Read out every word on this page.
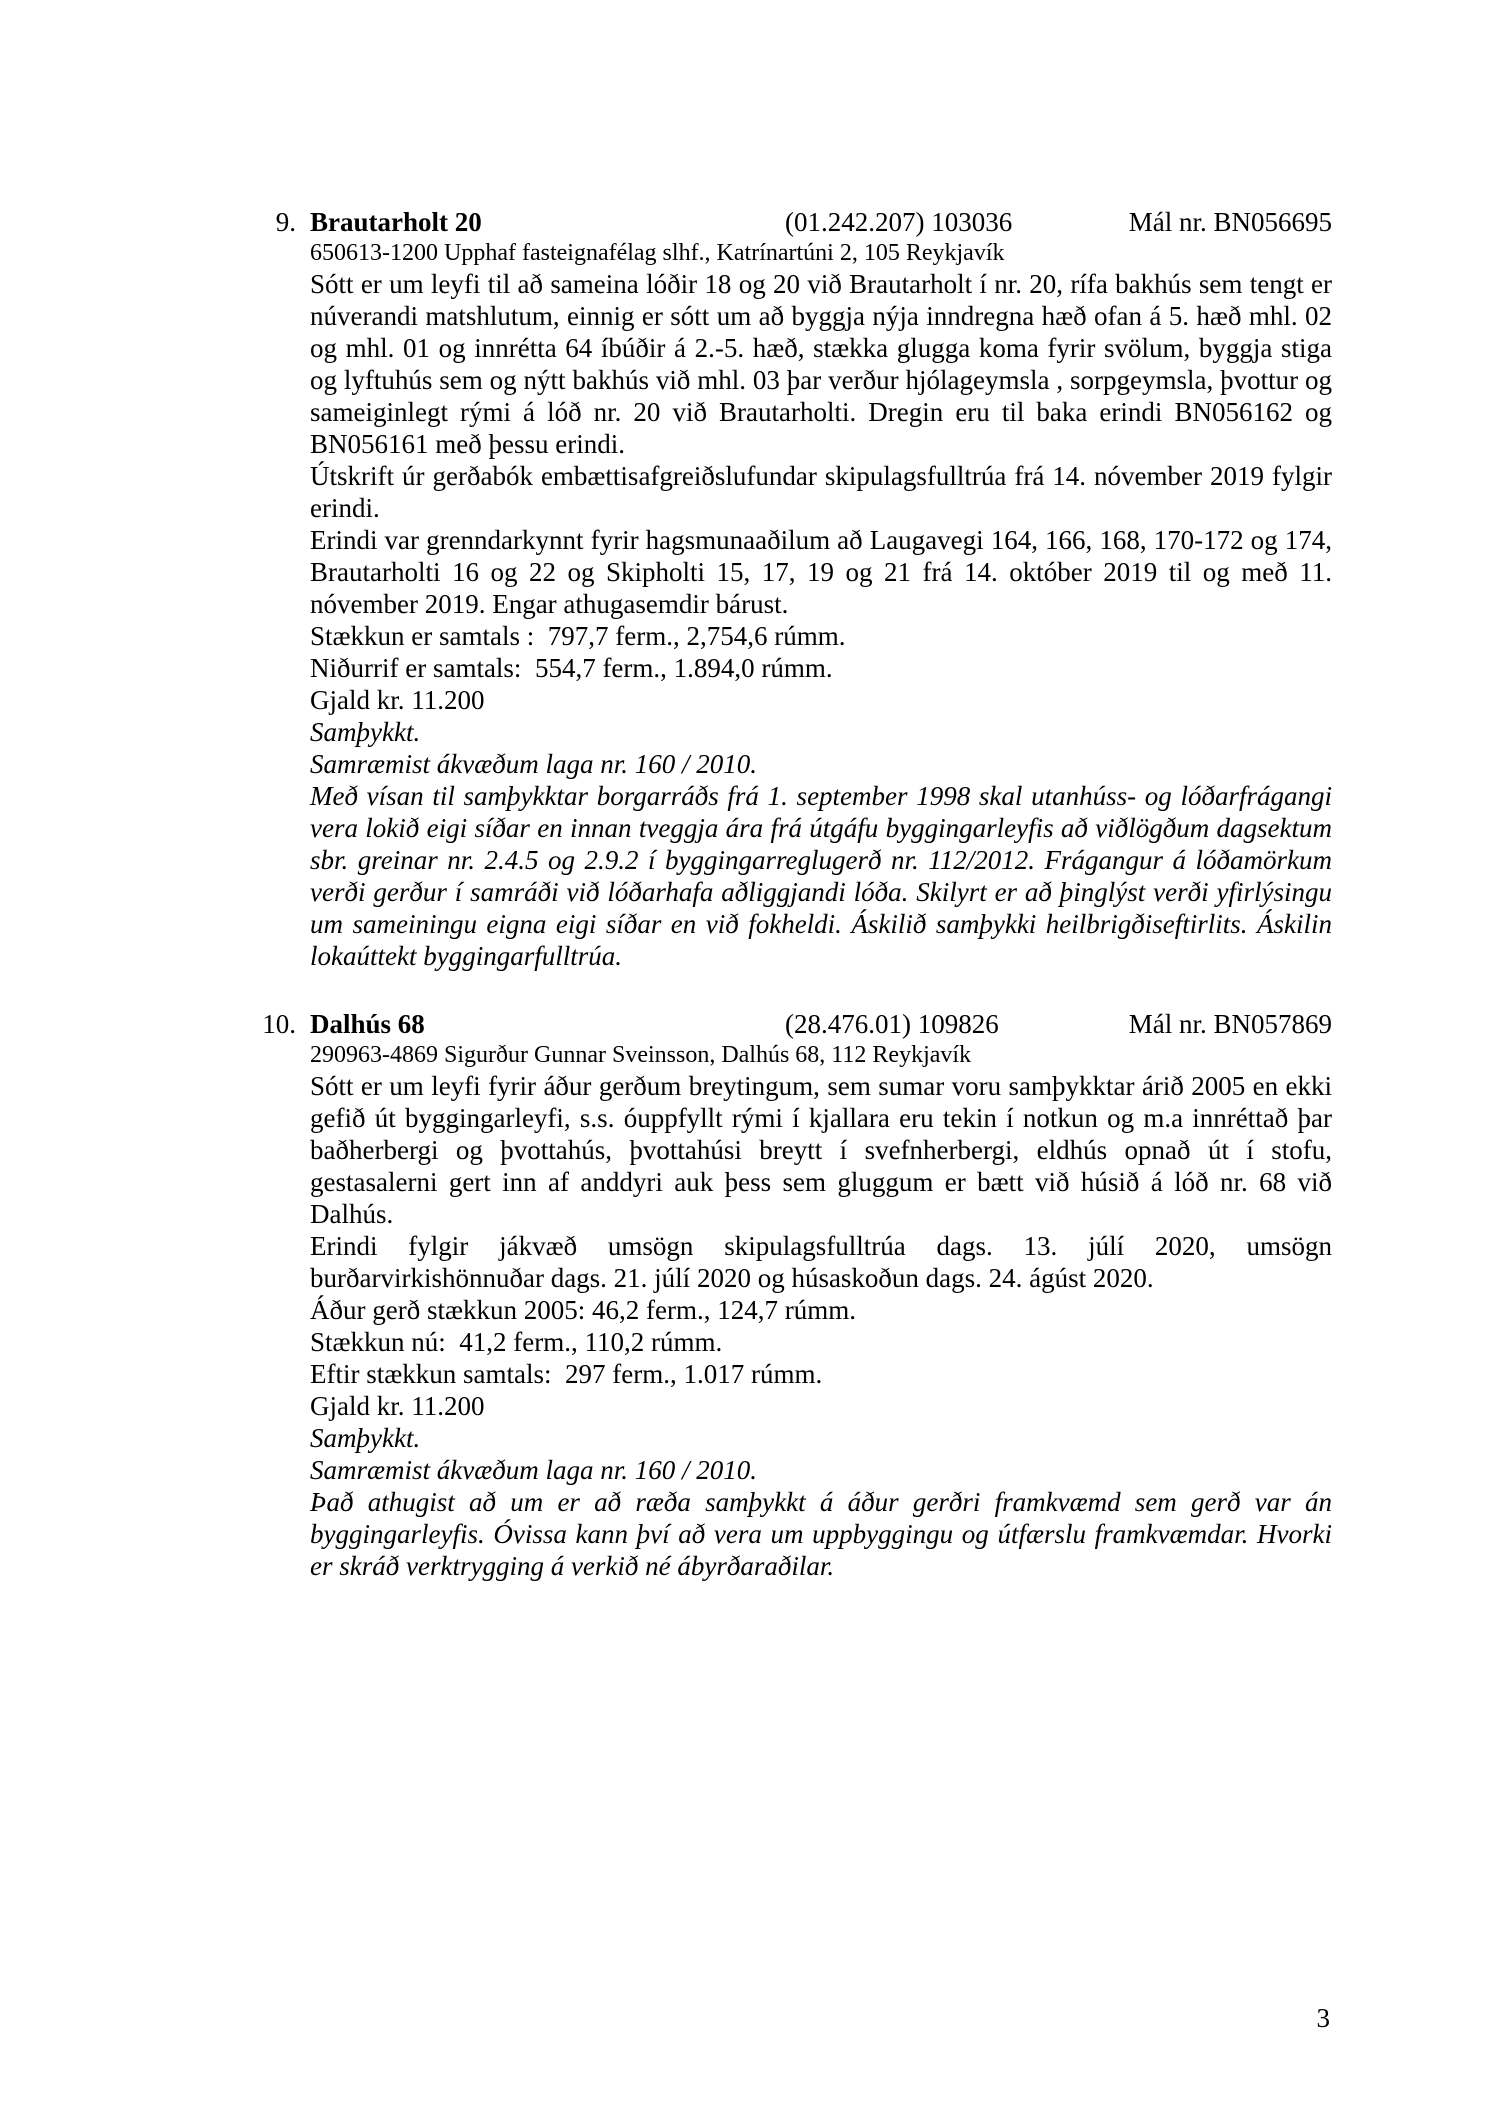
9. Brautarholt 20	(01.242.207) 103036	Mál nr. BN056695
650613-1200 Upphaf fasteignafélag slhf., Katrínartúni 2, 105 Reykjavík

Sótt er um leyfi til að sameina lóðir 18 og 20 við Brautarholt í nr. 20, rífa bakhús sem tengt er núverandi matshlutum, einnig er sótt um að byggja nýja inndregna hæð ofan á 5. hæð mhl. 02 og mhl. 01 og innrétta 64 íbúðir á 2.-5. hæð, stækka glugga koma fyrir svölum, byggja stiga og lyftuhús sem og nýtt bakhús við mhl. 03 þar verður hjólageymsla , sorpgeymsla, þvottur og sameiginlegt rými á lóð nr. 20 við Brautarholti. Dregin eru til baka erindi BN056162 og BN056161 með þessu erindi.

Útskrift úr gerðabók embættisafgreiðslufundar skipulagsfulltrúa frá 14. nóvember 2019 fylgir erindi.

Erindi var grenndarkynnt fyrir hagsmunaaðilum að Laugavegi 164, 166, 168, 170-172 og 174, Brautarholti 16 og 22 og Skipholti 15, 17, 19 og 21 frá 14. október 2019 til og með 11. nóvember 2019. Engar athugasemdir bárust.

Stækkun er samtals :  797,7 ferm., 2,754,6 rúmm.

Niðurrif er samtals:  554,7 ferm., 1.894,0 rúmm.

Gjald kr. 11.200

Samþykkt.

Samræmist ákvæðum laga nr. 160 / 2010.

Með vísan til samþykktar borgarráðs frá 1. september 1998 skal utanhúss- og lóðarfrágangi vera lokið eigi síðar en innan tveggja ára frá útgáfu byggingarleyfis að viðlögðum dagsektum sbr. greinar nr. 2.4.5 og 2.9.2 í byggingarreglugerð nr. 112/2012. Frágangur á lóðamörkum verði gerður í samráði við lóðarhafa aðliggjandi lóða. Skilyrt er að þinglýst verði yfirlýsingu um sameiningu eigna eigi síðar en við fokheldi. Áskilið samþykki heilbrigðiseftirlits. Áskilin lokaúttekt byggingarfulltrúa.

10. Dalhús 68	(28.476.01) 109826	Mál nr. BN057869
290963-4869 Sigurður Gunnar Sveinsson, Dalhús 68, 112 Reykjavík

Sótt er um leyfi fyrir áður gerðum breytingum, sem sumar voru samþykktar árið 2005 en ekki gefið út byggingarleyfi, s.s. óuppfyllt rými í kjallara eru tekin í notkun og m.a innréttað þar baðherbergi og þvottahús, þvottahúsi breytt í svefnherbergi, eldhús opnað út í stofu, gestasalerni gert inn af anddyri auk þess sem gluggum er bætt við húsið á lóð nr. 68 við Dalhús.

Erindi fylgir jákvæð umsögn skipulagsfulltrúa dags. 13. júlí 2020, umsögn burðarvirkishönnuðar dags. 21. júlí 2020 og húsaskoðun dags. 24. ágúst 2020.

Áður gerð stækkun 2005: 46,2 ferm., 124,7 rúmm.

Stækkun nú:  41,2 ferm., 110,2 rúmm.

Eftir stækkun samtals:  297 ferm., 1.017 rúmm.

Gjald kr. 11.200

Samþykkt.

Samræmist ákvæðum laga nr. 160 / 2010.

Það athugist að um er að ræða samþykkt á áður gerðri framkvæmd sem gerð var án byggingarleyfis. Óvissa kann því að vera um uppbyggingu og útfærslu framkvæmdar. Hvorki er skráð verktrygging á verkið né ábyrðaraðilar.

3
